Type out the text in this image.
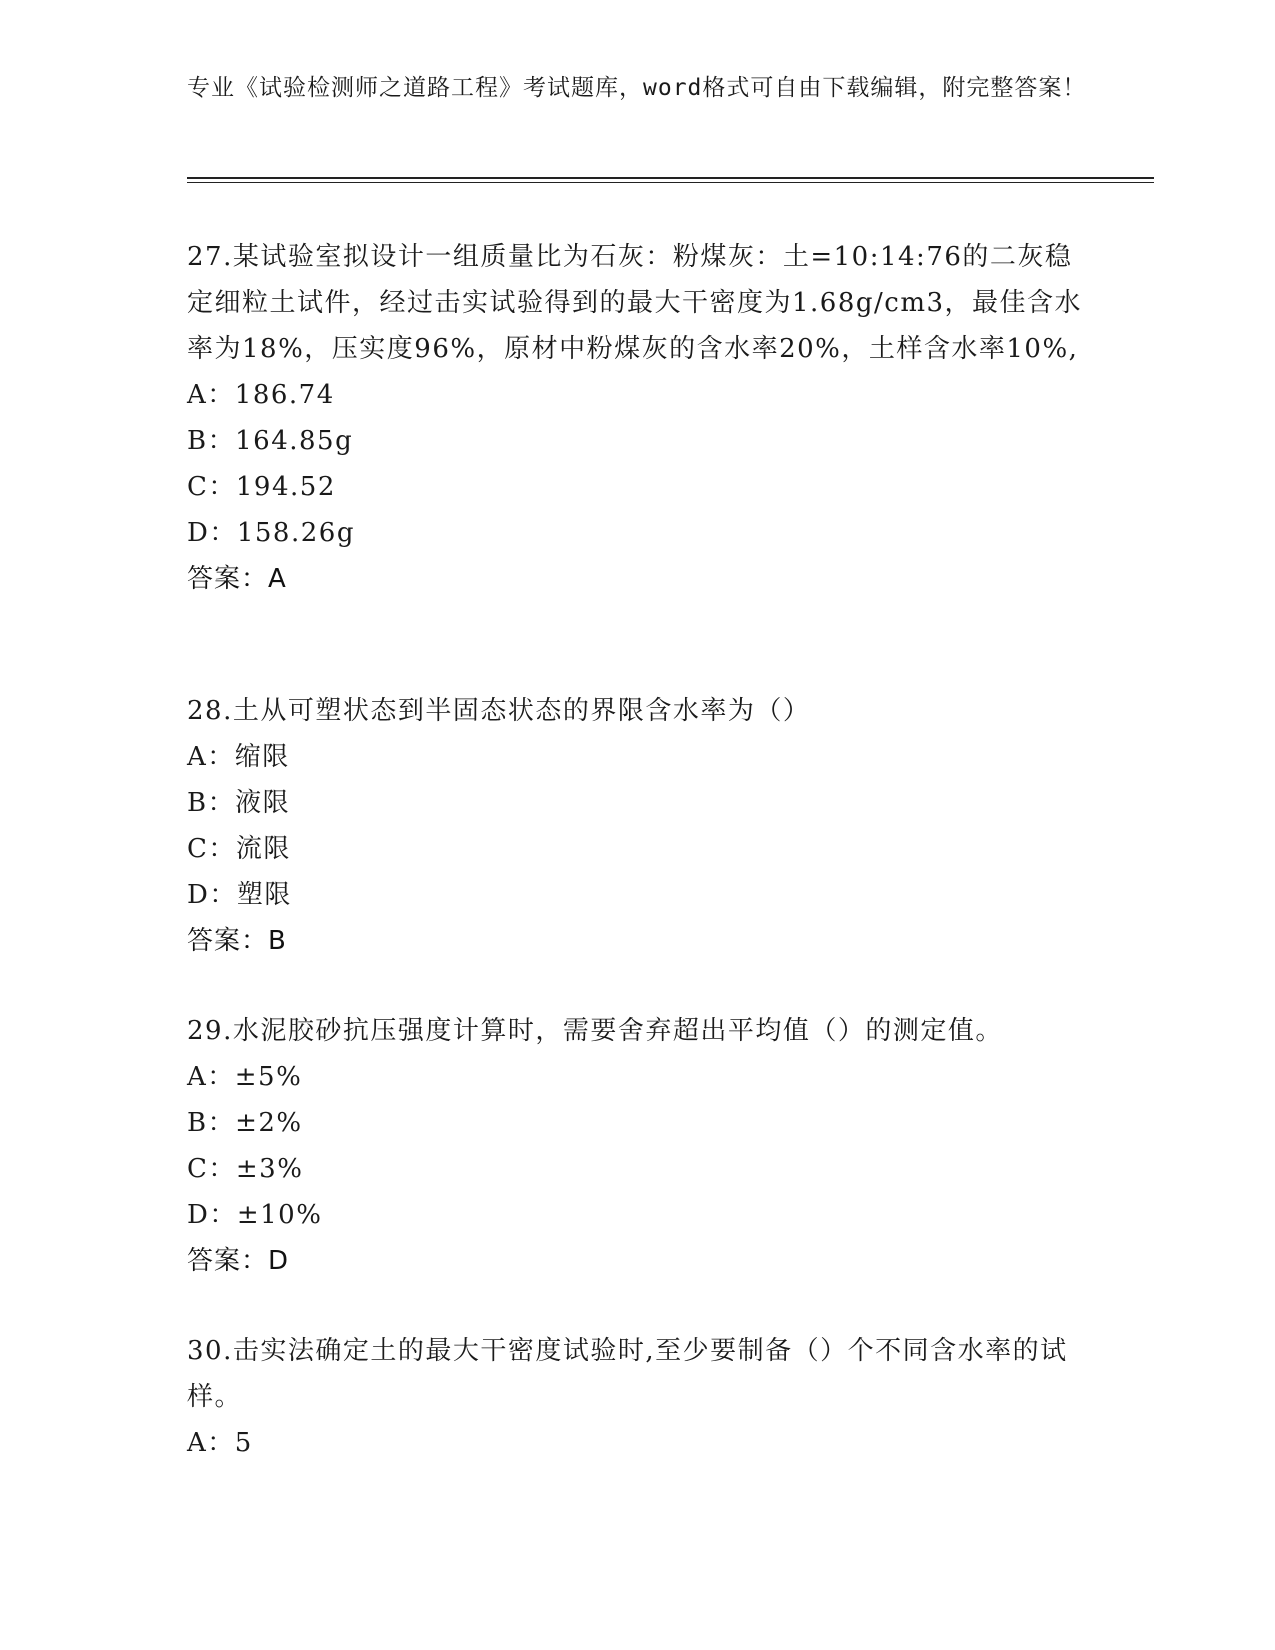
专业《试验检测师之道路工程》考试题库，word格式可自由下载编辑，附完整答案！

27.某试验室拟设计一组质量比为石灰：粉煤灰：土=10:14:76的二灰稳定细粒土试件，经过击实试验得到的最大干密度为1.68g/cm3，最佳含水率为18%，压实度96%，原材中粉煤灰的含水率20%，土样含水率10%,

A：186.74

B：164.85g

C：194.52

D：158.26g

答案：A

28.土从可塑状态到半固态状态的界限含水率为（）

A：缩限

B：液限

C：流限

D：塑限

答案：B

29.水泥胶砂抗压强度计算时，需要舍弃超出平均值（）的测定值。

A：±5%

B：±2%

C：±3%

D：±10%

答案：D

30.击实法确定土的最大干密度试验时,至少要制备（）个不同含水率的试样。

A：5
